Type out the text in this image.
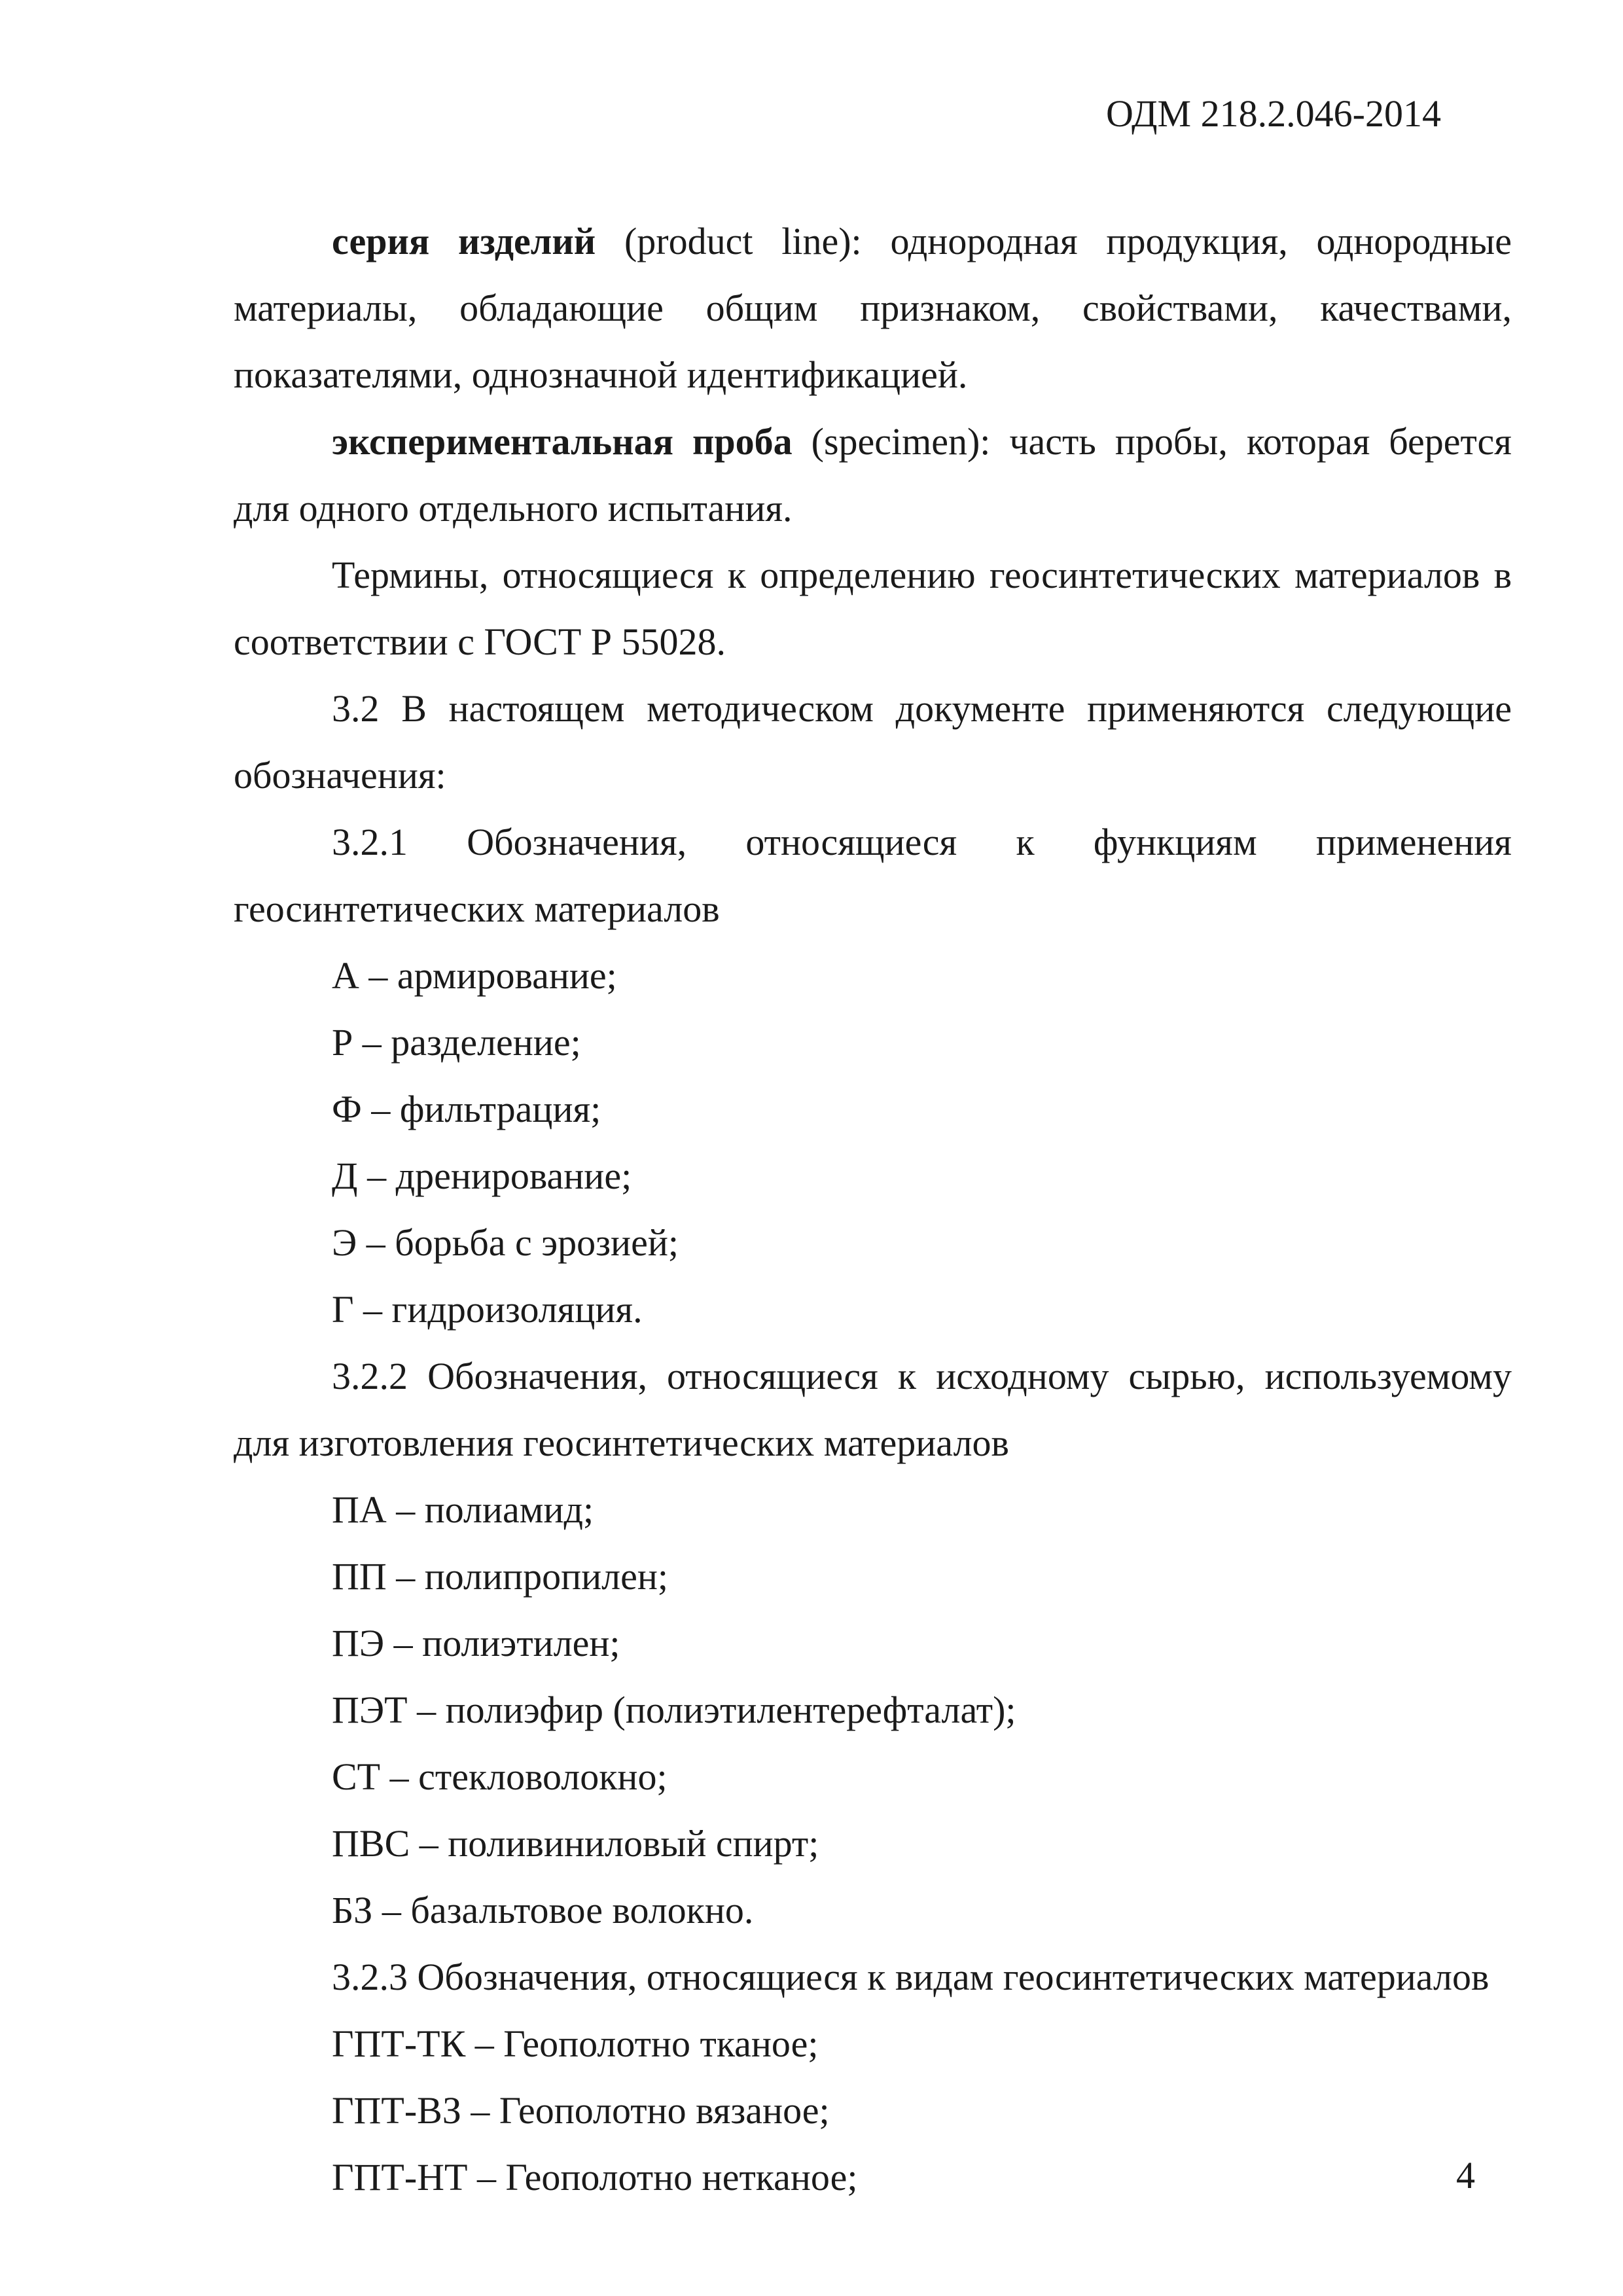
ОДМ 218.2.046-2014

серия изделий (product line): однородная продукция, однородные материалы, обладающие общим признаком, свойствами, качествами, показателями, однозначной идентификацией.

экспериментальная проба (specimen): часть пробы, которая берется для одного отдельного испытания.

Термины, относящиеся к определению геосинтетических материалов в соответствии с ГОСТ Р 55028.

3.2 В настоящем методическом документе применяются следующие обозначения:

3.2.1 Обозначения, относящиеся к функциям применения геосинтетических материалов

А – армирование;

Р – разделение;

Ф – фильтрация;

Д – дренирование;

Э – борьба с эрозией;

Г – гидроизоляция.

3.2.2 Обозначения, относящиеся к исходному сырью, используемому для изготовления геосинтетических материалов

ПА – полиамид;

ПП – полипропилен;

ПЭ – полиэтилен;

ПЭТ – полиэфир (полиэтилентерефталат);

СТ – стекловолокно;

ПВС – поливиниловый спирт;

БЗ – базальтовое волокно.

3.2.3 Обозначения, относящиеся к видам геосинтетических материалов

ГПТ-ТК – Геополотно тканое;

ГПТ-ВЗ – Геополотно вязаное;

ГПТ-НТ – Геополотно нетканое;	4
